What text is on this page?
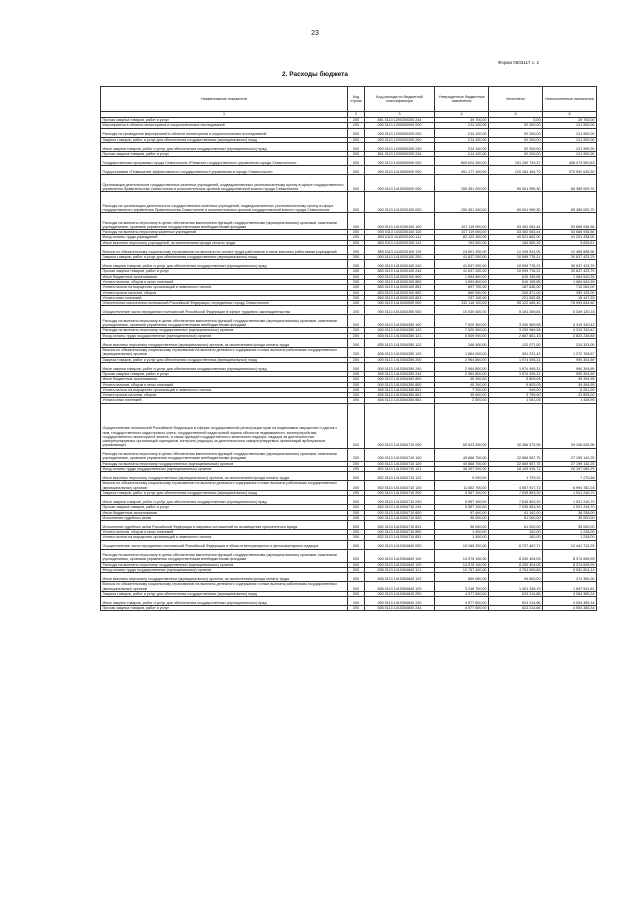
23
Форма 0503117 с. 2
2. Расходы бюджета
Наименование показателя	Код строки	Код расхода по бюджетной классификации	Утвержденные бюджетные назначения	Исполнено	Неисполненные назначения
1	2	3	4	5	6
Прочая закупка товаров, работ и услуг	200	851 0113 1290200200 244	39 700,00	0,00	39 700,00
Мероприятия в области мониторинга и социологических исследований	200	000 0113 1290300000 000	214 100,00	92 200,00	121 900,00
Расходы на проведение мероприятий в области мониторинга и социологических исследований	200	000 0113 1290300200 000	214 100,00	92 200,00	121 900,00
Закупка товаров, работ и услуг для обеспечения государственных (муниципальных) нужд	200	000 0113 1290300200 200	214 100,00	92 200,00	121 900,00
Иные закупки товаров, работ и услуг для обеспечения государственных (муниципальных) нужд	200	000 0113 1290300200 240	214 100,00	92 200,00	121 900,00
Прочая закупка товаров, работ и услуг	200	851 0113 1290300200 244	214 100,00	92 200,00	121 900,00
Государственная программа города Севастополя «Развитие государственного управления города Севастополя»	200	000 0113 1400000000 000	609 624 300,00	151 150 749,37	458 473 550,63
Подпрограмма «Повышение эффективности государственного управления в городе Севастополе»	200	000 0113 1410000000 000	491 177 100,00	120 184 464,70	370 992 635,30
Организация деятельности государственных казенных учреждений, подведомственных уполномоченному органу в сфере государственного управления Правительства Севастополя и исполнительных органов государственной власти города Севастополя	200	000 0113 1410200000 000	150 451 000,00	65 061 999,30	85 389 000,70
Расходы на организацию деятельности государственных казенных учреждений, подведомственных уполномоченному органу в сфере государственного управления Правительства Севастополя и исполнительных органов государственной власти города Севастополя	200	000 0113 1410200100 000	150 451 000,00	65 061 999,30	85 389 000,70
Расходы на выплаты персоналу в целях обеспечения выполнения функций государственными (муниципальными) органами, казенными учреждениями, органами управления государственными внебюджетными фондами	200	000 0113 1410200100 100	107 119 000,00	53 452 063,44	53 666 936,56
Расходы на выплаты персоналу казенных учреждений	200	000 0113 1410200100 110	107 119 000,00	53 452 063,44	53 666 936,56
Фонд оплаты труда учреждений	200	853 0113 1410200100 111	82 123 300,00	40 921 862,00	41 201 438,00
Иные выплаты персоналу учреждений, за исключением фонда оплаты труда	200	853 0113 1410200100 112	194 500,00	184 660,39	9 839,61
Взносы по обязательному социальному страхованию на выплаты по оплате труда работников и иные выплаты работникам учреждений	200	853 0113 1410200100 119	24 801 200,00	12 345 541,05	12 455 658,95
Закупка товаров, работ и услуг для обеспечения государственных (муниципальных) нужд	200	000 0113 1410200100 200	41 637 200,00	10 999 776,21	30 637 423,79
Иные закупки товаров, работ и услуг для обеспечения государственных (муниципальных) нужд	200	000 0113 1410200100 240	41 637 200,00	10 999 776,21	30 637 423,79
Прочая закупка товаров, работ и услуг	200	853 0113 1410200100 244	41 637 200,00	10 999 776,21	30 637 423,79
Иные бюджетные ассигнования	200	000 0113 1410200100 800	1 694 800,00	610 159,65	1 084 640,35
Уплата налогов, сборов и иных платежей	200	000 0113 1410200100 850	1 694 800,00	610 159,65	1 084 640,35
Уплата налога на имущество организаций и земельного налога	200	853 0113 1410200100 851	897 700,00	187 636,00	710 064,00
Уплата прочих налогов, сборов	200	853 0113 1410200100 852	560 000,00	200 871,00	359 129,00
Уплата иных платежей	200	853 0113 1410200100 853	237 100,00	221 652,65	15 447,35
Обеспечение исполнения полномочий Российской Федерации, переданных городу Севастополю	200	000 0113 1410300000 000	132 116 100,00	55 122 465,40	76 993 634,60
Осуществление части переданных полномочий Российской Федерации в сфере трудового законодательства	200	000 0113 1410354350 000	10 530 400,00	5 181 269,84	5 349 130,16
Расходы на выплаты персоналу в целях обеспечения выполнения функций государственными (муниципальными) органами, казенными учреждениями, органами управления государственными внебюджетными фондами	200	000 0113 1410354350 100	7 520 300,00	3 200 969,58	4 319 330,42
Расходы на выплаты персоналу государственных (муниципальных) органов	200	000 0113 1410354350 120	7 520 300,00	3 200 969,58	4 319 330,42
Фонд оплаты труда государственных (муниципальных) органов	200	835 0113 1410354350 121	5 509 900,00	2 687 661,15	2 822 238,85
Иные выплаты персоналу государственных (муниципальных) органов, за исключением фонда оплаты труда	200	835 0113 1410354350 122	346 400,00	122 077,00	224 323,00
Взносы по обязательному социальному страхованию на выплаты денежного содержания и иные выплаты работникам государственных (муниципальных) органов	200	835 0113 1410354350 129	1 664 000,00	391 231,43	1 272 768,57
Закупка товаров, работ и услуг для обеспечения государственных (муниципальных) нужд	200	000 0113 1410354350 200	2 964 800,00	1 974 495,31	990 304,69
Иные закупки товаров, работ и услуг для обеспечения государственных (муниципальных) нужд	200	000 0113 1410354350 240	2 964 800,00	1 974 495,31	990 304,69
Прочая закупка товаров, работ и услуг	200	835 0113 1410354350 244	2 964 800,00	1 974 495,31	990 304,69
Иные бюджетные ассигнования	200	000 0113 1410354350 800	45 300,00	5 805,05	39 494,95
Уплата налогов, сборов и иных платежей	200	000 0113 1410354350 850	45 300,00	5 805,05	39 494,95
Уплата налога на имущество организаций и земельного налога	200	835 0113 1410354350 851	7 200,00	949,00	6 251,00
Уплата прочих налогов, сборов	200	835 0113 1410354350 852	35 600,00	3 795,00	31 805,00
Уплата иных платежей	200	835 0113 1410354350 853	2 500,00	1 061,05	1 438,95
Осуществление полномочий Российской Федерации в сферах государственной регистрации прав на недвижимое имущество и сделок с ним, государственного кадастрового учета, государственной кадастровой оценки объектов недвижимости, землеустройства, государственного мониторинга земель, а также функций государственного земельного надзора, надзора за деятельностью саморегулируемых организаций оценщиков, контроля (надзора) за деятельностью саморегулируемых организаций арбитражных управляющих	200	000 0113 1410354710 000	59 523 200,00	30 366 573,05	29 156 626,95
Расходы на выплаты персоналу в целях обеспечения выполнения функций государственными (муниципальными) органами, казенными учреждениями, органами управления государственными внебюджетными фондами	200	000 0113 1410354710 100	49 868 700,00	22 669 557,75	27 199 142,25
Расходы на выплаты персоналу государственных (муниципальных) органов	200	000 0113 1410354710 120	49 868 700,00	22 669 557,75	27 199 142,25
Фонд оплаты труда государственных (муниципальных) органов	200	832 0113 1410354710 121	38 307 000,00	18 109 910,71	20 197 089,29
Иные выплаты персоналу государственных (муниципальных) органов, за исключением фонда оплаты труда	200	832 0113 1410354710 122	9 000,00	1 729,32	7 270,68
Взносы по обязательному социальному страхованию на выплаты денежного содержания и иные выплаты работникам государственных (муниципальных) органов	200	832 0113 1410354710 129	11 552 700,00	4 557 917,72	6 994 782,28
Закупка товаров, работ и услуг для обеспечения государственных (муниципальных) нужд	200	000 0113 1410354710 200	9 557 100,00	7 635 853,30	1 921 246,70
Иные закупки товаров, работ и услуг для обеспечения государственных (муниципальных) нужд	200	000 0113 1410354710 240	9 557 100,00	7 635 853,30	1 921 246,70
Прочая закупка товаров, работ и услуг	200	832 0113 1410354710 244	9 557 100,00	7 635 853,30	1 921 246,70
Иные бюджетные ассигнования	200	000 0113 1410354710 800	97 400,00	61 162,00	36 238,00
Исполнение судебных актов	200	000 0113 1410354710 830	96 000,00	61 000,00	35 000,00
Исполнение судебных актов Российской Федерации и мировых соглашений по возмещению причиненного вреда	200	832 0113 1410354710 831	96 000,00	61 000,00	35 000,00
Уплата налогов, сборов и иных платежей	200	000 0113 1410354710 850	1 400,00	162,00	1 238,00
Уплата налога на имущество организаций и земельного налога	200	832 0113 1410354710 851	1 400,00	162,00	1 238,00
Осуществление части переданных полномочий Российской Федерации в области ветеринарного и фитосанитарного надзора	200	000 0113 1410354840 000	19 169 200,00	6 727 467,71	12 441 712,29
Расходы на выплаты персоналу в целях обеспечения выполнения функций государственными (муниципальными) органами, казенными учреждениями, органами управления государственными внебюджетными фондами	200	000 0113 1410354840 100	14 575 100,00	6 200 404,05	8 374 695,95
Расходы на выплаты персоналу государственных (муниципальных) органов	200	000 0113 1410354840 120	14 575 100,00	6 200 404,05	8 374 695,95
Фонд оплаты труда государственных (муниципальных) органов	200	836 0113 1410354840 121	10 757 400,00	4 704 595,86	6 052 804,14
Иные выплаты персоналу государственных (муниципальных) органов, за исключением фонда оплаты труда	200	836 0113 1410354840 122	569 000,00	94 650,00	474 350,00
Взносы по обязательному социальному страхованию на выплаты денежного содержания и иные выплаты работникам государственных (муниципальных) органов	200	836 0113 1410354840 129	3 248 700,00	1 401 158,19	1 847 541,81
Закупка товаров, работ и услуг для обеспечения государственных (муниципальных) нужд	200	000 0113 1410354840 200	4 577 600,00	523 214,66	4 054 385,34
Иные закупки товаров, работ и услуг для обеспечения государственных (муниципальных) нужд	200	000 0113 1410354840 240	4 577 600,00	523 214,66	4 054 385,34
Прочая закупка товаров, работ и услуг	200	836 0113 1410354840 244	4 577 600,00	523 214,66	4 054 385,34
